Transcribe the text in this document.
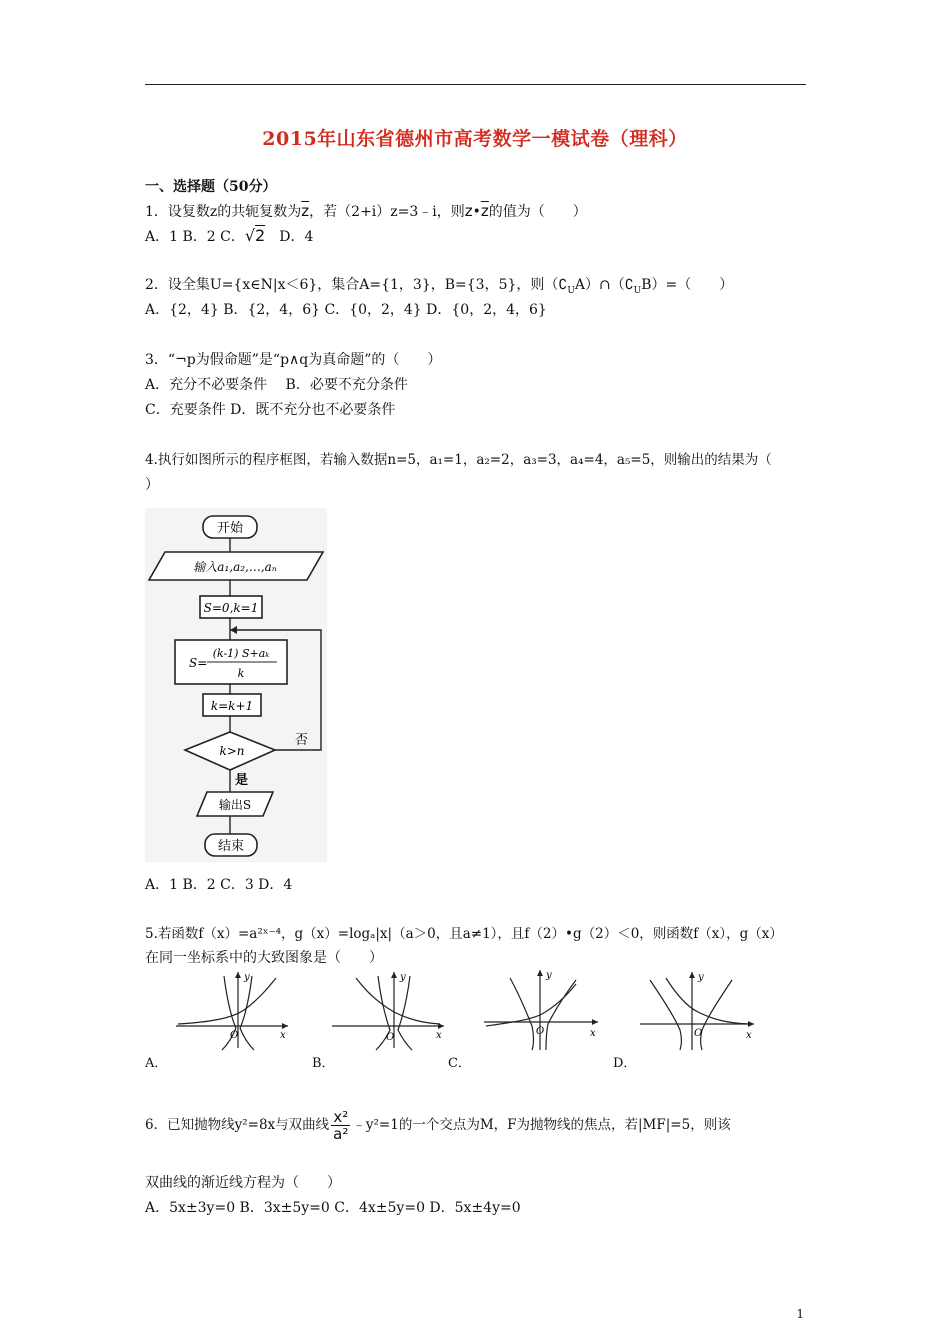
2015年山东省德州市高考数学一模试卷（理科）
一、选择题（50分）
1．设复数z的共轭复数为$\overline{z}$，若（2+i）z=3﹣i，则$z•\overline{z}$的值为（　　）
A．1 B．2 C．√2　D．4
2．设全集U={x∈N|x＜6}，集合A={1，3}，B={3，5}，则$(∁_UA)\cap(∁_UB)=$（　　）
A．{2，4} B．{2，4，6} C．{0，2，4} D．{0，2，4，6}
3．“¬p为假命题”是“p∧q为真命题”的（　　）
A．充分不必要条件　 B．必要不充分条件
C．充要条件 D．既不充分也不必要条件
4.执行如图所示的程序框图，若输入数据n=5，a₁=1，a₂=2，a₃=3，a₄=4，a₅=5，则输出的结果为（
）
开始
输入a₁,a₂,…,aₙ
S=0,k=1
S=
(k-1) S+aₖ
k
k=k+1
k>n
否
是
输出S
结束
A．1 B．2 C．3 D．4
5.若函数f（x）=a²ˣ⁻⁴，g（x）=logₐ|x|（a＞0，且a≠1），且f（2）•g（2）＜0，则函数f（x），g（x）
在同一坐标系中的大致图象是（　　）
y
x
O
y
x
O
y
x
O
y
x
O
A．	B．	C．	D．
6．已知抛物线y²=8x与双曲线 $\frac{\text{x²}}{\text{a²}}$ ﹣y²=1的一个交点为M，F为抛物线的焦点，若|MF|=5，则该
双曲线的渐近线方程为（　　）
A．5x±3y=0 B．3x±5y=0 C．4x±5y=0 D．5x±4y=0
1
